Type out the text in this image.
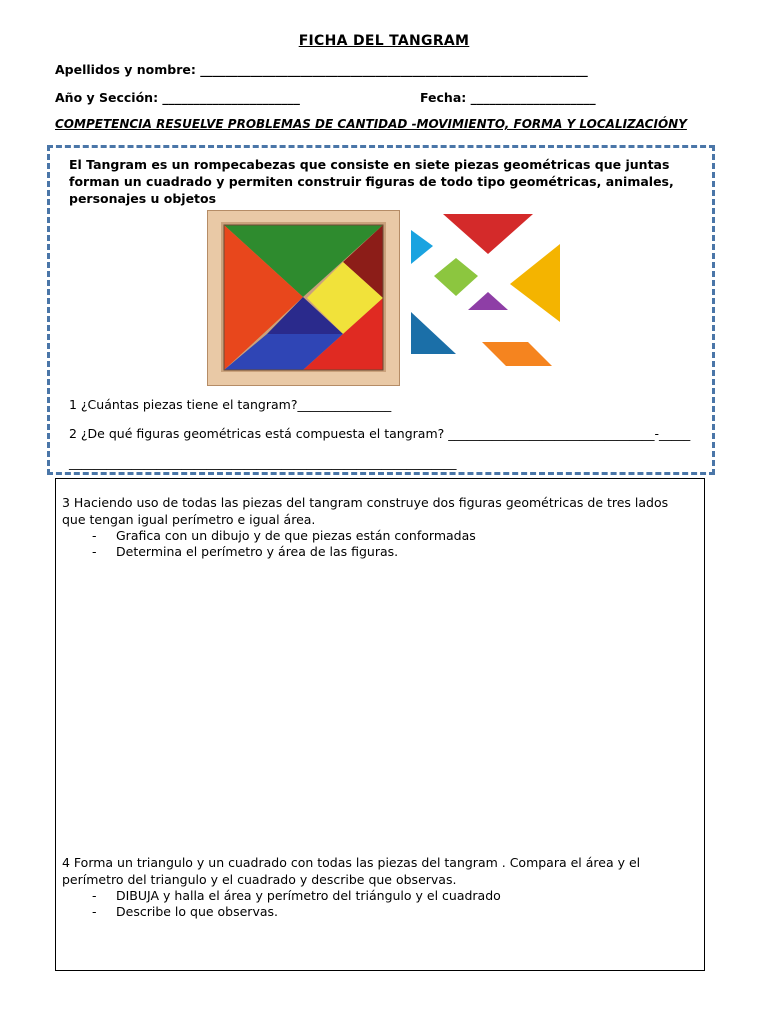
FICHA DEL TANGRAM
Apellidos y nombre: ______________________________________________________________
Año y Sección: ______________________	Fecha: ____________________
COMPETENCIA RESUELVE PROBLEMAS DE CANTIDAD -MOVIMIENTO, FORMA Y LOCALIZACIÓNY
El Tangram es un rompecabezas que consiste en siete piezas geométricas que juntas forman un cuadrado y permiten construir figuras de todo tipo geométricas, animales, personajes u objetos
1 ¿Cuántas piezas tiene el tangram?_______________
2 ¿De qué figuras geométricas está compuesta el tangram? _________________________________-_____
______________________________________________________________
3 Haciendo uso de todas las piezas del tangram construye dos figuras geométricas de tres lados que tengan igual perímetro e igual área.
- Grafica con un dibujo y de que piezas están conformadas
- Determina el perímetro y área de las figuras.
4 Forma un triangulo y un cuadrado con todas las piezas del tangram . Compara el área y el perímetro del triangulo y el cuadrado y describe que observas.
- DIBUJA y halla el área y perímetro del triángulo y el cuadrado
- Describe lo que observas.
